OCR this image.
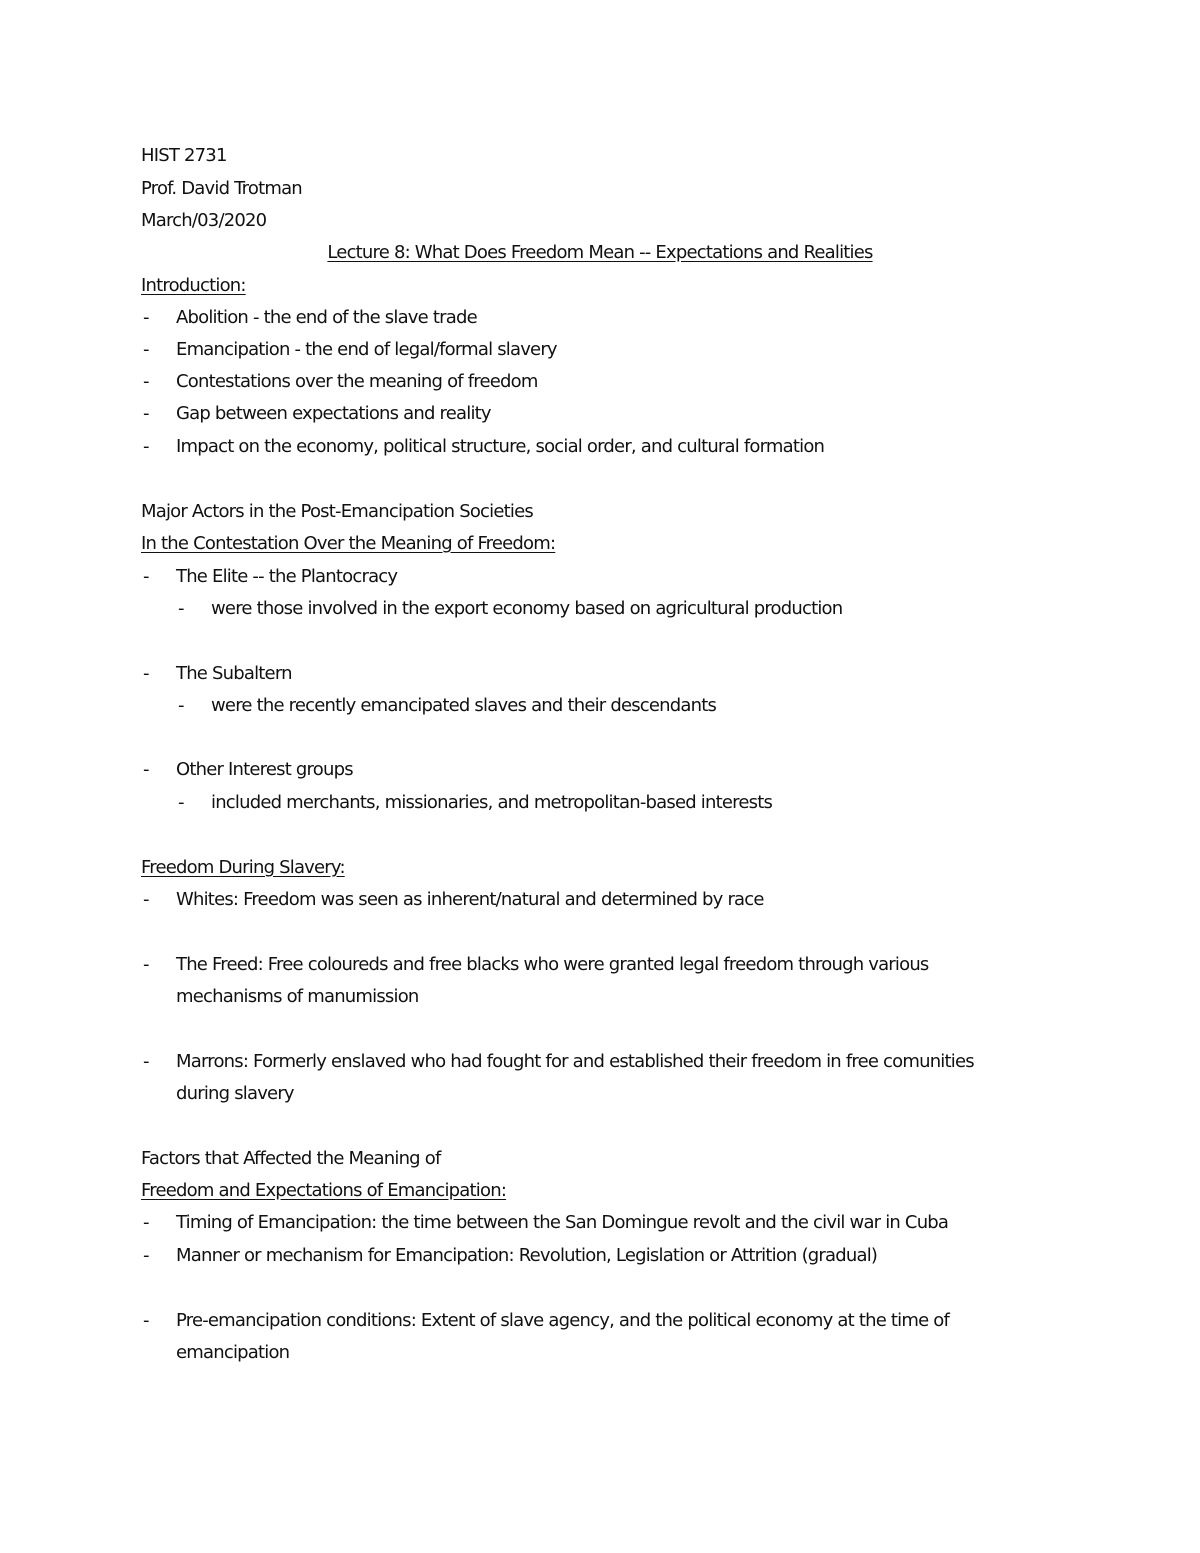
HIST 2731
Prof. David Trotman
March/03/2020
Lecture 8: What Does Freedom Mean -- Expectations and Realities
Introduction:
- Abolition - the end of the slave trade
- Emancipation - the end of legal/formal slavery
- Contestations over the meaning of freedom
- Gap between expectations and reality
- Impact on the economy, political structure, social order, and cultural formation
Major Actors in the Post-Emancipation Societies
In the Contestation Over the Meaning of Freedom:
- The Elite -- the Plantocracy
- were those involved in the export economy based on agricultural production
- The Subaltern
- were the recently emancipated slaves and their descendants
- Other Interest groups
- included merchants, missionaries, and metropolitan-based interests
Freedom During Slavery:
- Whites: Freedom was seen as inherent/natural and determined by race
- The Freed: Free coloureds and free blacks who were granted legal freedom through various
mechanisms of manumission
- Marrons: Formerly enslaved who had fought for and established their freedom in free comunities
during slavery
Factors that Affected the Meaning of
Freedom and Expectations of Emancipation:
- Timing of Emancipation: the time between the San Domingue revolt and the civil war in Cuba
- Manner or mechanism for Emancipation: Revolution, Legislation or Attrition (gradual)
- Pre-emancipation conditions: Extent of slave agency, and the political economy at the time of
emancipation
